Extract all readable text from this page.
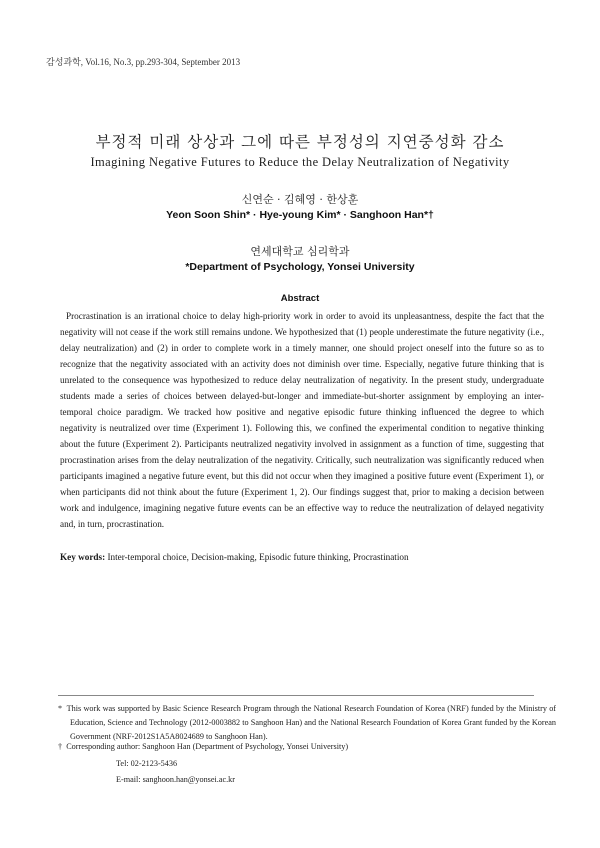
감성과학, Vol.16, No.3, pp.293-304, September 2013
부정적 미래 상상과 그에 따른 부정성의 지연중성화 감소
Imagining Negative Futures to Reduce the Delay Neutralization of Negativity
신연순 · 김혜영 · 한상훈
Yeon Soon Shin* · Hye-young Kim* · Sanghoon Han*†
연세대학교 심리학과
*Department of Psychology, Yonsei University
Abstract
Procrastination is an irrational choice to delay high-priority work in order to avoid its unpleasantness, despite the fact that the negativity will not cease if the work still remains undone. We hypothesized that (1) people underestimate the future negativity (i.e., delay neutralization) and (2) in order to complete work in a timely manner, one should project oneself into the future so as to recognize that the negativity associated with an activity does not diminish over time. Especially, negative future thinking that is unrelated to the consequence was hypothesized to reduce delay neutralization of negativity. In the present study, undergraduate students made a series of choices between delayed-but-longer and immediate-but-shorter assignment by employing an inter-temporal choice paradigm. We tracked how positive and negative episodic future thinking influenced the degree to which negativity is neutralized over time (Experiment 1). Following this, we confined the experimental condition to negative thinking about the future (Experiment 2). Participants neutralized negativity involved in assignment as a function of time, suggesting that procrastination arises from the delay neutralization of the negativity. Critically, such neutralization was significantly reduced when participants imagined a negative future event, but this did not occur when they imagined a positive future event (Experiment 1), or when participants did not think about the future (Experiment 1, 2). Our findings suggest that, prior to making a decision between work and indulgence, imagining negative future events can be an effective way to reduce the neutralization of delayed negativity and, in turn, procrastination.
Key words: Inter-temporal choice, Decision-making, Episodic future thinking, Procrastination
* This work was supported by Basic Science Research Program through the National Research Foundation of Korea (NRF) funded by the Ministry of Education, Science and Technology (2012-0003882 to Sanghoon Han) and the National Research Foundation of Korea Grant funded by the Korean Government (NRF-2012S1A5A8024689 to Sanghoon Han).
† Corresponding author: Sanghoon Han (Department of Psychology, Yonsei University)
Tel: 02-2123-5436
E-mail: sanghoon.han@yonsei.ac.kr
